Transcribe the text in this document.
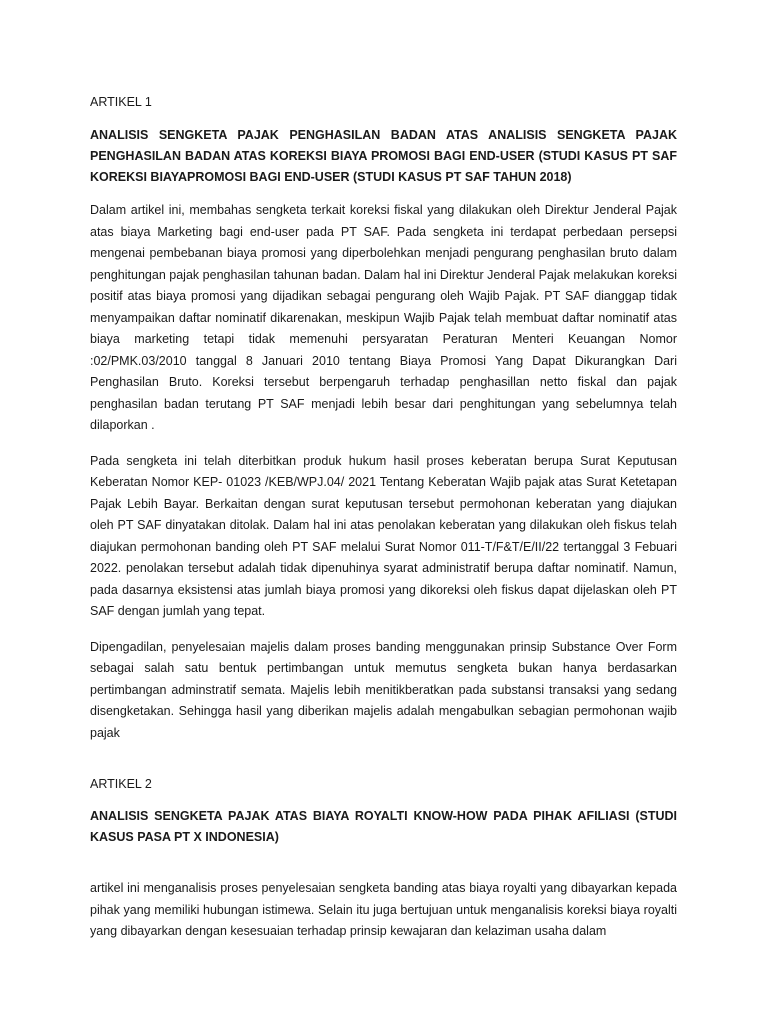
ARTIKEL 1

ANALISIS SENGKETA PAJAK PENGHASILAN BADAN ATAS ANALISIS SENGKETA PAJAK PENGHASILAN BADAN ATAS KOREKSI BIAYA PROMOSI BAGI END-USER (STUDI KASUS PT SAF KOREKSI BIAYAPROMOSI BAGI END-USER (STUDI KASUS PT SAF TAHUN 2018)

Dalam artikel ini, membahas sengketa terkait koreksi fiskal yang dilakukan oleh Direktur Jenderal Pajak atas biaya Marketing bagi end-user pada PT SAF. Pada sengketa ini terdapat perbedaan persepsi mengenai pembebanan biaya promosi yang diperbolehkan menjadi pengurang penghasilan bruto dalam penghitungan pajak penghasilan tahunan badan. Dalam hal ini Direktur Jenderal Pajak melakukan koreksi positif atas biaya promosi yang dijadikan sebagai pengurang oleh Wajib Pajak. PT SAF dianggap tidak menyampaikan daftar nominatif dikarenakan, meskipun Wajib Pajak telah membuat daftar nominatif atas biaya marketing tetapi tidak memenuhi persyaratan Peraturan Menteri Keuangan Nomor :02/PMK.03/2010 tanggal 8 Januari 2010 tentang Biaya Promosi Yang Dapat Dikurangkan Dari Penghasilan Bruto. Koreksi tersebut berpengaruh terhadap penghasillan netto fiskal dan pajak penghasilan badan terutang PT SAF menjadi lebih besar dari penghitungan yang sebelumnya telah dilaporkan .

Pada sengketa ini telah diterbitkan produk hukum hasil proses keberatan berupa Surat Keputusan Keberatan Nomor KEP- 01023 /KEB/WPJ.04/ 2021 Tentang Keberatan Wajib pajak atas Surat Ketetapan Pajak Lebih Bayar. Berkaitan dengan surat keputusan tersebut permohonan keberatan yang diajukan oleh PT SAF dinyatakan ditolak. Dalam hal ini atas penolakan keberatan yang dilakukan oleh fiskus telah diajukan permohonan banding oleh PT SAF melalui Surat Nomor 011-T/F&T/E/II/22 tertanggal 3 Febuari 2022. penolakan tersebut adalah tidak dipenuhinya syarat administratif berupa daftar nominatif. Namun, pada dasarnya eksistensi atas jumlah biaya promosi yang dikoreksi oleh fiskus dapat dijelaskan oleh PT SAF dengan jumlah yang tepat.

Dipengadilan, penyelesaian majelis dalam proses banding menggunakan prinsip Substance Over Form sebagai salah satu bentuk pertimbangan untuk memutus sengketa bukan hanya berdasarkan pertimbangan adminstratif semata. Majelis lebih menitikberatkan pada substansi transaksi yang sedang disengketakan. Sehingga hasil yang diberikan majelis adalah mengabulkan sebagian permohonan wajib pajak

ARTIKEL 2

ANALISIS SENGKETA PAJAK ATAS BIAYA ROYALTI KNOW-HOW PADA PIHAK AFILIASI (STUDI KASUS PASA PT X INDONESIA)

artikel ini menganalisis proses penyelesaian sengketa banding atas biaya royalti yang dibayarkan kepada pihak yang memiliki hubungan istimewa. Selain itu juga bertujuan untuk menganalisis koreksi biaya royalti yang dibayarkan dengan kesesuaian terhadap prinsip kewajaran dan kelaziman usaha dalam
